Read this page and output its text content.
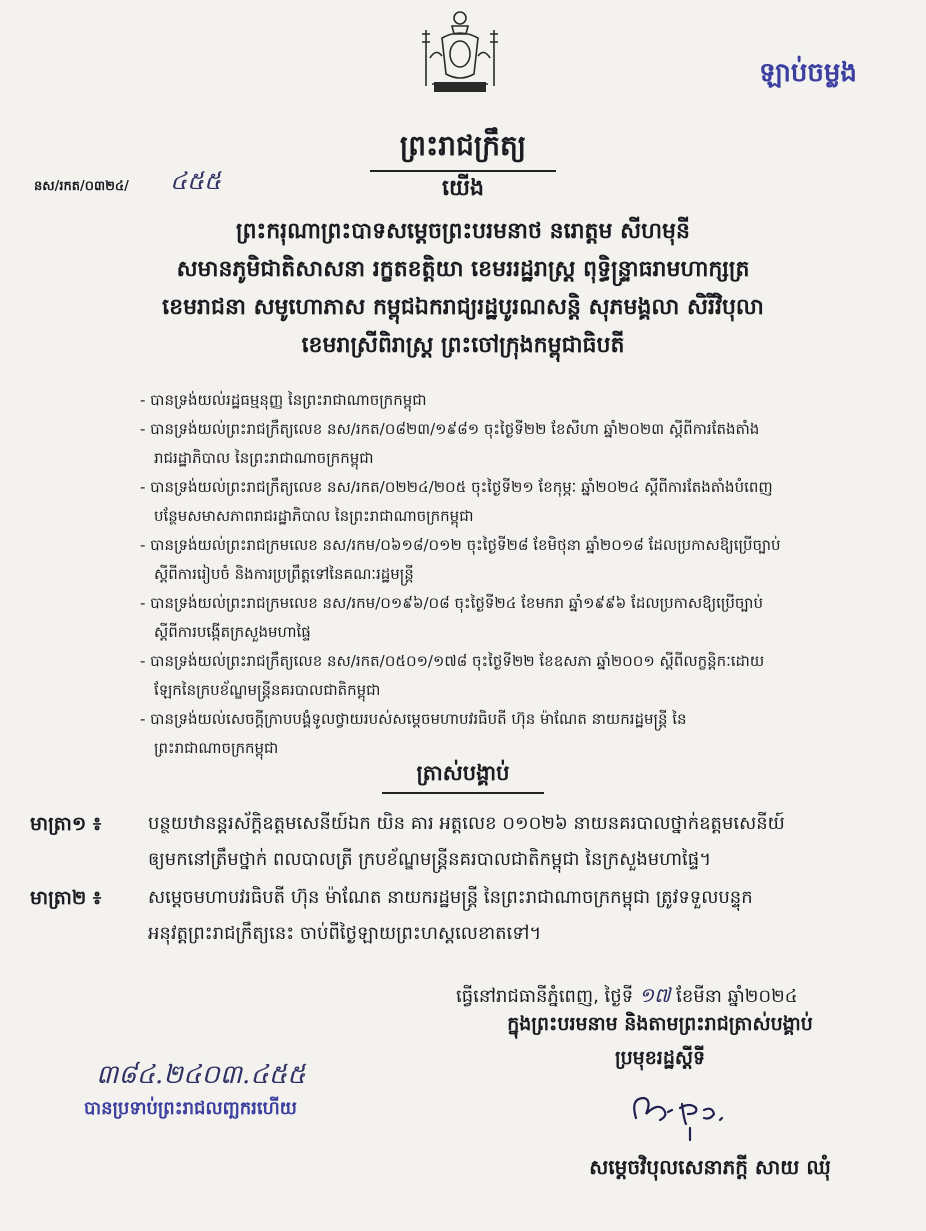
ឡាប់ចម្លង
ព្រះរាជក្រឹត្យ
នស/រកត/០៣២៤/ ៤៥៥	យើង
ព្រះករុណាព្រះបាទសម្តេចព្រះបរមនាថ នរោត្តម សីហមុនី
សមានភូមិជាតិសាសនា រក្ខតខត្តិយា ខេមររដ្ឋរាស្ត្រ ពុទ្ធិន្ទ្រាធរាមហាក្សត្រ
ខេមរាជនា សមូហោភាស កម្ពុជឯករាជ្យរដ្ឋបូរណសន្តិ សុភមង្គលា សិរីវិបុលា
ខេមរាស្រីពិរាស្ត្រ ព្រះចៅក្រុងកម្ពុជាធិបតី
- បានទ្រង់យល់រដ្ឋធម្មនុញ្ញ នៃព្រះរាជាណាចក្រកម្ពុជា
- បានទ្រង់យល់ព្រះរាជក្រឹត្យលេខ នស/រកត/០៨២៣/១៩៨១ ចុះថ្ងៃទី២២ ខែសីហា ឆ្នាំ២០២៣ ស្តីពីការតែងតាំង
រាជរដ្ឋាភិបាល នៃព្រះរាជាណាចក្រកម្ពុជា
- បានទ្រង់យល់ព្រះរាជក្រឹត្យលេខ នស/រកត/០២២៤/២០៥ ចុះថ្ងៃទី២១ ខែកុម្ភៈ ឆ្នាំ២០២៤ ស្តីពីការតែងតាំងបំពេញ
បន្ថែមសមាសភាពរាជរដ្ឋាភិបាល នៃព្រះរាជាណាចក្រកម្ពុជា
- បានទ្រង់យល់ព្រះរាជក្រមលេខ នស/រកម/០៦១៨/០១២ ចុះថ្ងៃទី២៨ ខែមិថុនា ឆ្នាំ២០១៨ ដែលប្រកាសឱ្យប្រើច្បាប់
ស្តីពីការរៀបចំ និងការប្រព្រឹត្តទៅនៃគណៈរដ្ឋមន្ត្រី
- បានទ្រង់យល់ព្រះរាជក្រមលេខ នស/រកម/០១៩៦/០៨ ចុះថ្ងៃទី២៤ ខែមករា ឆ្នាំ១៩៩៦ ដែលប្រកាសឱ្យប្រើច្បាប់
ស្តីពីការបង្កើតក្រសួងមហាផ្ទៃ
- បានទ្រង់យល់ព្រះរាជក្រឹត្យលេខ នស/រកត/០៥០១/១៧៨ ចុះថ្ងៃទី២២ ខែឧសភា ឆ្នាំ២០០១ ស្តីពីលក្ខន្តិកៈដោយ
ឡែកនៃក្របខ័ណ្ឌមន្ត្រីនគរបាលជាតិកម្ពុជា
- បានទ្រង់យល់សេចក្តីក្រាបបង្គំទូលថ្វាយរបស់សម្តេចមហាបវរធិបតី ហ៊ុន ម៉ាណែត នាយករដ្ឋមន្ត្រី នៃ
ព្រះរាជាណាចក្រកម្ពុជា
ត្រាស់បង្គាប់
មាត្រា១ ៖	បន្ថយឋានន្តរស័ក្តិឧត្តមសេនីយ៍ឯក យិន គារ អត្តលេខ ០១០២៦ នាយនគរបាលថ្នាក់ឧត្តមសេនីយ៍
ឲ្យមកនៅត្រឹមថ្នាក់ ពលបាលត្រី ក្របខ័ណ្ឌមន្ត្រីនគរបាលជាតិកម្ពុជា នៃក្រសួងមហាផ្ទៃ។
មាត្រា២ ៖	សម្តេចមហាបវរធិបតី ហ៊ុន ម៉ាណែត នាយករដ្ឋមន្ត្រី នៃព្រះរាជាណាចក្រកម្ពុជា ត្រូវទទួលបន្ទុក
អនុវត្តព្រះរាជក្រឹត្យនេះ ចាប់ពីថ្ងៃឡាយព្រះហស្តលេខាតទៅ។
ធ្វើនៅរាជធានីភ្នំពេញ, ថ្ងៃទី ១៧ ខែមីនា ឆ្នាំ២០២៤
ក្នុងព្រះបរមនាម និងតាមព្រះរាជត្រាស់បង្គាប់
ប្រមុខរដ្ឋស្តីទី
សម្តេចវិបុលសេនាភក្តី សាយ ឈុំ
៣៨៤.២៤០៣.៤៥៥
បានប្រទាប់ព្រះរាជលញ្ឆករហើយ
